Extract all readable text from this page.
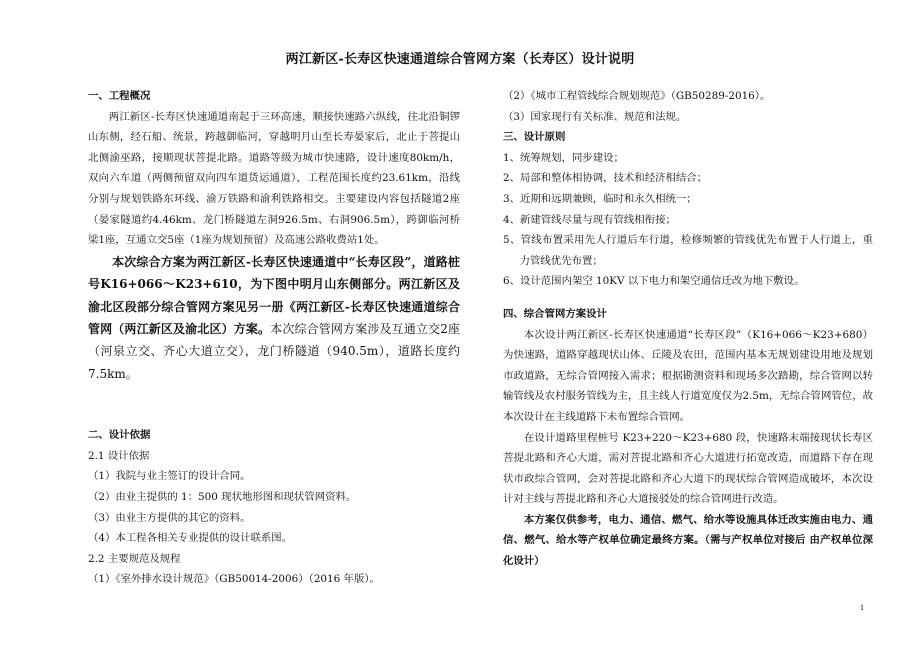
两江新区-长寿区快速通道综合管网方案（长寿区）设计说明

一、工程概况

两江新区-长寿区快速通道南起于三环高速，顺接快速路六纵线，往北沿铜锣山东侧，经石船、统景，跨越御临河，穿越明月山至长寿晏家后，北止于菩提山北侧渝巫路，接顺现状菩提北路。道路等级为城市快速路，设计速度80km/h，双向六车道（两侧预留双向四车道货运通道），工程范围长度约23.61km，沿线分别与规划铁路东环线、渝万铁路和渝利铁路相交。主要建设内容包括隧道2座（晏家隧道约4.46km、龙门桥隧道左洞926.5m、右洞906.5m），跨御临河桥梁1座，互通立交5座（1座为规划预留）及高速公路收费站1处。

本次综合方案为两江新区-长寿区快速通道中“长寿区段”，道路桩号K16+066～K23+610，为下图中明月山东侧部分。两江新区及渝北区段部分综合管网方案见另一册《两江新区-长寿区快速通道综合管网（两江新区及渝北区）方案。本次综合管网方案涉及互通立交2座（河泉立交、齐心大道立交），龙门桥隧道（940.5m），道路长度约7.5km。

二、设计依据

2.1 设计依据

（1）我院与业主签订的设计合同。

（2）由业主提供的 1：500 现状地形图和现状管网资料。

（3）由业主方提供的其它的资料。

（4）本工程各相关专业提供的设计联系图。

2.2 主要规范及规程

（1）《室外排水设计规范》（GB50014-2006）（2016 年版）。

（2）《城市工程管线综合规划规范》（GB50289-2016）。

（3）国家现行有关标准、规范和法规。

三、设计原则

1、统筹规划，同步建设；

2、局部和整体相协调，技术和经济相结合；

3、近期和远期兼顾，临时和永久相统一；

4、新建管线尽量与现有管线相衔接；

5、管线布置采用先人行道后车行道，检修频繁的管线优先布置于人行道上，重力管线优先布置；

6、设计范围内架空 10KV 以下电力和架空通信迁改为地下敷设。

四、综合管网方案设计

本次设计两江新区-长寿区快速通道“长寿区段”（K16+066～K23+680）为快速路，道路穿越现状山体、丘陵及农田，范围内基本无规划建设用地及规划市政道路，无综合管网接入需求；根据勘测资料和现场多次踏勘，综合管网以转输管线及农村服务管线为主，且主线人行道宽度仅为2.5m，无综合管网管位，故本次设计在主线道路下未布置综合管网。

在设计道路里程桩号 K23+220～K23+680 段，快速路末端接现状长寿区菩提北路和齐心大道，需对菩提北路和齐心大道进行拓宽改造，而道路下存在现状市政综合管网，会对菩提北路和齐心大道下的现状综合管网造成破坏，本次设计对主线与菩提北路和齐心大道接驳处的综合管网进行改造。

本方案仅供参考，电力、通信、燃气、给水等设施具体迁改实施由电力、通信、燃气、给水等产权单位确定最终方案。（需与产权单位对接后 由产权单位深化设计）

1
